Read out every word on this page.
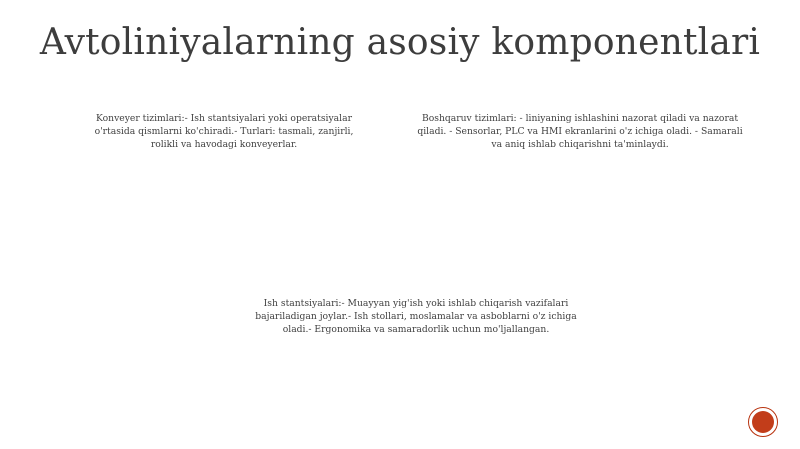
Avtoliniyalarning asosiy komponentlari
Konveyer tizimlari:- Ish stantsiyalari yoki operatsiyalar o'rtasida qismlarni ko'chiradi.- Turlari: tasmali, zanjirli, rolikli va havodagi konveyerlar.
Boshqaruv tizimlari: - liniyaning ishlashini nazorat qiladi va nazorat qiladi. - Sensorlar, PLC va HMI ekranlarini o'z ichiga oladi. - Samarali va aniq ishlab chiqarishni ta'minlaydi.
Ish stantsiyalari:- Muayyan yig'ish yoki ishlab chiqarish vazifalari bajariladigan joylar.- Ish stollari, moslamalar va asboblarni o'z ichiga oladi.- Ergonomika va samaradorlik uchun mo'ljallangan.
